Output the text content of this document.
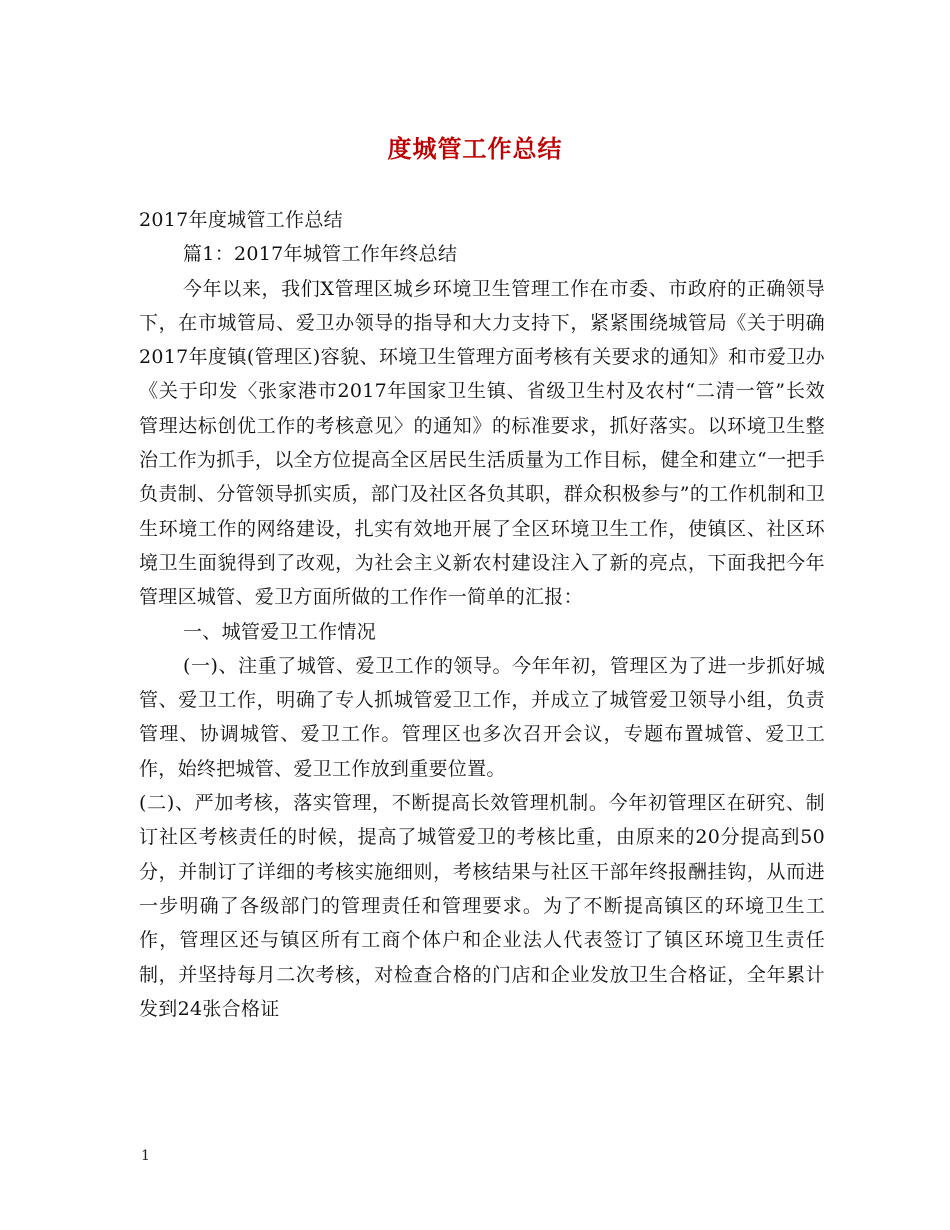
度城管工作总结

2017年度城管工作总结

篇1：2017年城管工作年终总结

今年以来，我们X管理区城乡环境卫生管理工作在市委、市政府的正确领导下，在市城管局、爱卫办领导的指导和大力支持下，紧紧围绕城管局《关于明确2017年度镇(管理区)容貌、环境卫生管理方面考核有关要求的通知》和市爱卫办《关于印发〈张家港市2017年国家卫生镇、省级卫生村及农村“二清一管”长效管理达标创优工作的考核意见〉的通知》的标准要求，抓好落实。以环境卫生整治工作为抓手，以全方位提高全区居民生活质量为工作目标，健全和建立“一把手负责制、分管领导抓实质，部门及社区各负其职，群众积极参与”的工作机制和卫生环境工作的网络建设，扎实有效地开展了全区环境卫生工作，使镇区、社区环境卫生面貌得到了改观，为社会主义新农村建设注入了新的亮点，下面我把今年管理区城管、爱卫方面所做的工作作一简单的汇报：

一、城管爱卫工作情况

(一)、注重了城管、爱卫工作的领导。今年年初，管理区为了进一步抓好城管、爱卫工作，明确了专人抓城管爱卫工作，并成立了城管爱卫领导小组，负责管理、协调城管、爱卫工作。管理区也多次召开会议，专题布置城管、爱卫工作，始终把城管、爱卫工作放到重要位置。

(二)、严加考核，落实管理，不断提高长效管理机制。今年初管理区在研究、制订社区考核责任的时候，提高了城管爱卫的考核比重，由原来的20分提高到50　分，并制订了详细的考核实施细则，考核结果与社区干部年终报酬挂钩，从而进一步明确了各级部门的管理责任和管理要求。为了不断提高镇区的环境卫生工作，管理区还与镇区所有工商个体户和企业法人代表签订了镇区环境卫生责任制，并坚持每月二次考核，对检查合格的门店和企业发放卫生合格证，全年累计发到24张合格证

1
